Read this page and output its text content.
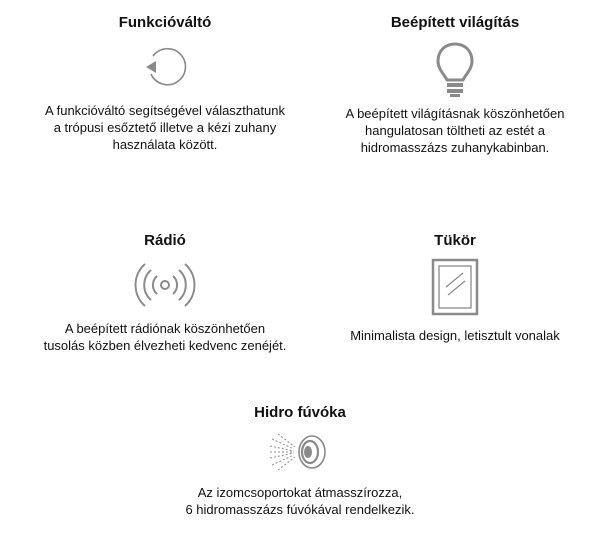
Funkcióváltó

A funkcióváltó segítségével választhatunk
a trópusi esőztető illetve a kézi zuhany
használata között.

Beépített világítás

A beépített világításnak köszönhetően
hangulatosan töltheti az estét a
hidromasszázs zuhanykabinban.

Rádió

A beépített rádiónak köszönhetően
tusolás közben élvezheti kedvenc zenéjét.

Tükör

Minimalista design, letisztult vonalak

Hidro fúvóka

Az izomcsoportokat átmasszírozza,
6 hidromasszázs fúvókával rendelkezik.
